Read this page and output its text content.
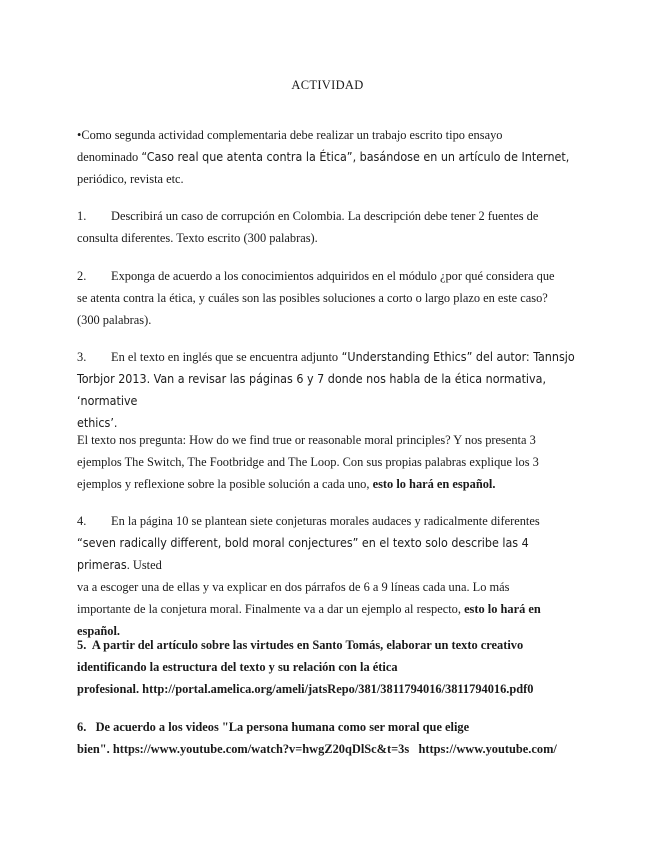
ACTIVIDAD
•Como segunda actividad complementaria debe realizar un trabajo escrito tipo ensayo
denominado “Caso real que atenta contra la Ética”, basándose en un artículo de Internet,
periódico, revista etc.
1. Describirá un caso de corrupción en Colombia. La descripción debe tener 2 fuentes de
consulta diferentes. Texto escrito (300 palabras).
2. Exponga de acuerdo a los conocimientos adquiridos en el módulo ¿por qué considera que
se atenta contra la ética, y cuáles son las posibles soluciones a corto o largo plazo en este caso?
(300 palabras).
3. En el texto en inglés que se encuentra adjunto “Understanding Ethics” del autor: Tannsjo
Torbjor 2013. Van a revisar las páginas 6 y 7 donde nos habla de la ética normativa, ‘normative
ethics’.
El texto nos pregunta: How do we find true or reasonable moral principles? Y nos presenta 3
ejemplos The Switch, The Footbridge and The Loop. Con sus propias palabras explique los 3
ejemplos y reflexione sobre la posible solución a cada uno, esto lo hará en español.
4. En la página 10 se plantean siete conjeturas morales audaces y radicalmente diferentes
“seven radically different, bold moral conjectures” en el texto solo describe las 4 primeras. Usted
va a escoger una de ellas y va explicar en dos párrafos de 6 a 9 líneas cada una. Lo más
importante de la conjetura moral. Finalmente va a dar un ejemplo al respecto, esto lo hará en
español.
5. A partir del artículo sobre las virtudes en Santo Tomás, elaborar un texto creativo
identificando la estructura del texto y su relación con la ética
profesional. http://portal.amelica.org/ameli/jatsRepo/381/3811794016/3811794016.pdf0
6. De acuerdo a los videos "La persona humana como ser moral que elige
bien". https://www.youtube.com/watch?v=hwgZ20qDlSc&t=3s https://www.youtube.com/
